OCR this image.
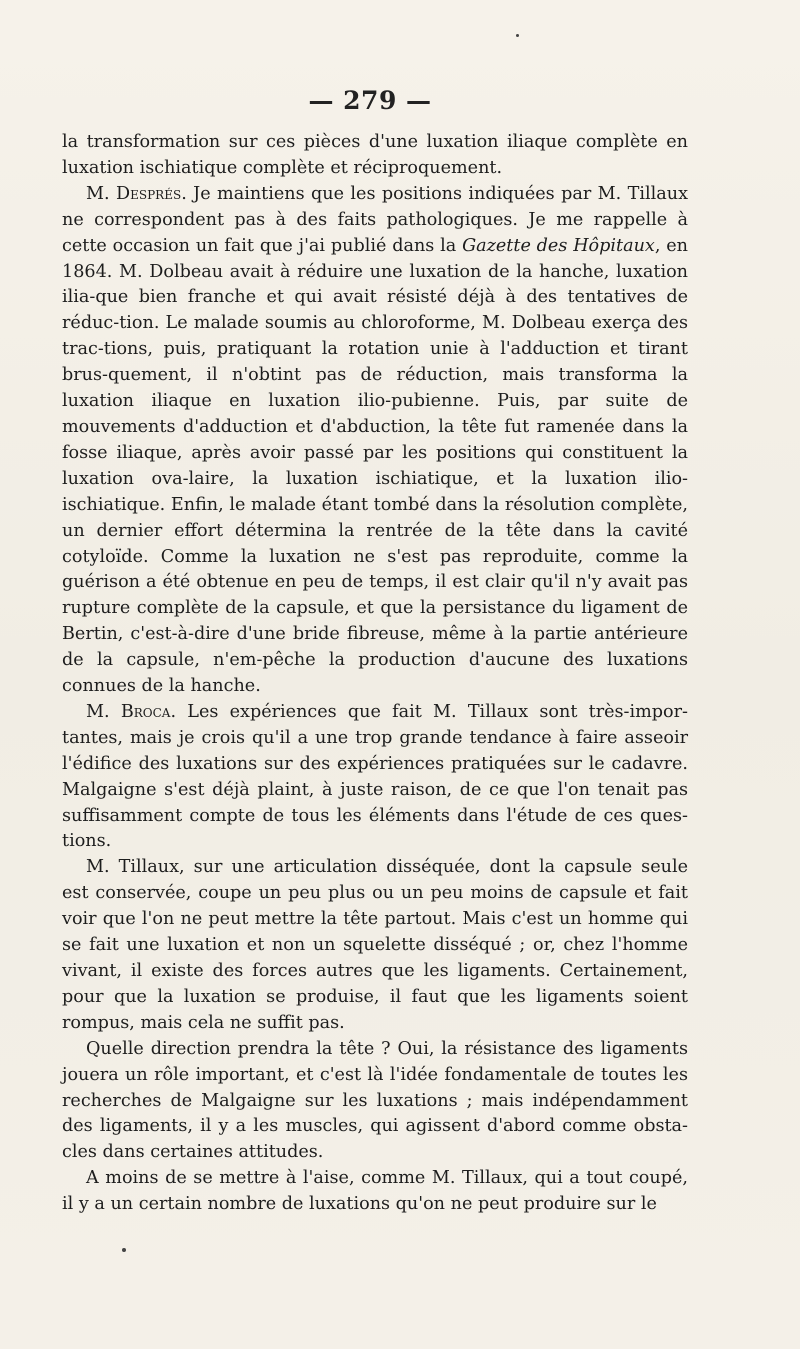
— 279 —

la transformation sur ces pièces d'une luxation iliaque complète en luxation ischiatique complète et réciproquement.

M. Després. Je maintiens que les positions indiquées par M. Tillaux ne correspondent pas à des faits pathologiques. Je me rappelle à cette occasion un fait que j'ai publié dans la Gazette des Hôpitaux, en 1864. M. Dolbeau avait à réduire une luxation de la hanche, luxation ilia-que bien franche et qui avait résisté déjà à des tentatives de réduc-tion. Le malade soumis au chloroforme, M. Dolbeau exerça des trac-tions, puis, pratiquant la rotation unie à l'adduction et tirant brus-quement, il n'obtint pas de réduction, mais transforma la luxation iliaque en luxation ilio-pubienne. Puis, par suite de mouvements d'adduction et d'abduction, la tête fut ramenée dans la fosse iliaque, après avoir passé par les positions qui constituent la luxation ova-laire, la luxation ischiatique, et la luxation ilio-ischiatique. Enfin, le malade étant tombé dans la résolution complète, un dernier effort détermina la rentrée de la tête dans la cavité cotyloïde. Comme la luxation ne s'est pas reproduite, comme la guérison a été obtenue en peu de temps, il est clair qu'il n'y avait pas rupture complète de la capsule, et que la persistance du ligament de Bertin, c'est-à-dire d'une bride fibreuse, même à la partie antérieure de la capsule, n'em-pêche la production d'aucune des luxations connues de la hanche.

M. Broca. Les expériences que fait M. Tillaux sont très-impor-tantes, mais je crois qu'il a une trop grande tendance à faire asseoir l'édifice des luxations sur des expériences pratiquées sur le cadavre. Malgaigne s'est déjà plaint, à juste raison, de ce que l'on tenait pas suffisamment compte de tous les éléments dans l'étude de ces ques-tions.

M. Tillaux, sur une articulation disséquée, dont la capsule seule est conservée, coupe un peu plus ou un peu moins de capsule et fait voir que l'on ne peut mettre la tête partout. Mais c'est un homme qui se fait une luxation et non un squelette disséqué ; or, chez l'homme vivant, il existe des forces autres que les ligaments. Certainement, pour que la luxation se produise, il faut que les ligaments soient rompus, mais cela ne suffit pas.

Quelle direction prendra la tête ? Oui, la résistance des ligaments jouera un rôle important, et c'est là l'idée fondamentale de toutes les recherches de Malgaigne sur les luxations ; mais indépendamment des ligaments, il y a les muscles, qui agissent d'abord comme obsta-cles dans certaines attitudes.

A moins de se mettre à l'aise, comme M. Tillaux, qui a tout coupé, il y a un certain nombre de luxations qu'on ne peut produire sur le
